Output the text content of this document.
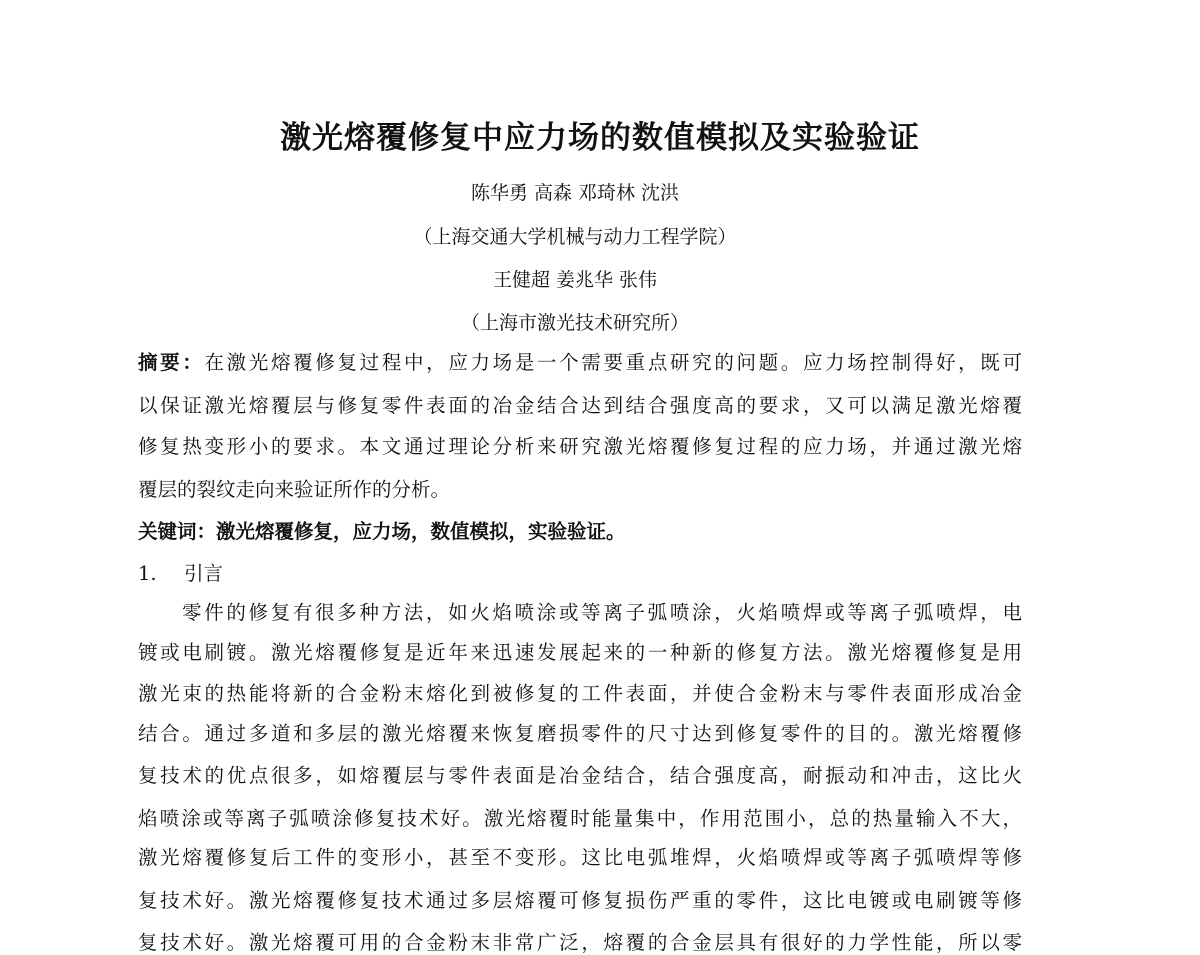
激光熔覆修复中应力场的数值模拟及实验验证
陈华勇 高森 邓琦林 沈洪
（上海交通大学机械与动力工程学院）
王健超 姜兆华 张伟
（上海市激光技术研究所）
摘要：在激光熔覆修复过程中，应力场是一个需要重点研究的问题。应力场控制得好，既可
以保证激光熔覆层与修复零件表面的冶金结合达到结合强度高的要求，又可以满足激光熔覆
修复热变形小的要求。本文通过理论分析来研究激光熔覆修复过程的应力场，并通过激光熔
覆层的裂纹走向来验证所作的分析。
关键词：激光熔覆修复，应力场，数值模拟，实验验证。
1. 引言
零件的修复有很多种方法，如火焰喷涂或等离子弧喷涂，火焰喷焊或等离子弧喷焊，电
镀或电刷镀。激光熔覆修复是近年来迅速发展起来的一种新的修复方法。激光熔覆修复是用
激光束的热能将新的合金粉末熔化到被修复的工件表面，并使合金粉末与零件表面形成冶金
结合。通过多道和多层的激光熔覆来恢复磨损零件的尺寸达到修复零件的目的。激光熔覆修
复技术的优点很多，如熔覆层与零件表面是冶金结合，结合强度高，耐振动和冲击，这比火
焰喷涂或等离子弧喷涂修复技术好。激光熔覆时能量集中，作用范围小，总的热量输入不大，
激光熔覆修复后工件的变形小，甚至不变形。这比电弧堆焊，火焰喷焊或等离子弧喷焊等修
复技术好。激光熔覆修复技术通过多层熔覆可修复损伤严重的零件，这比电镀或电刷镀等修
复技术好。激光熔覆可用的合金粉末非常广泛，熔覆的合金层具有很好的力学性能，所以零
